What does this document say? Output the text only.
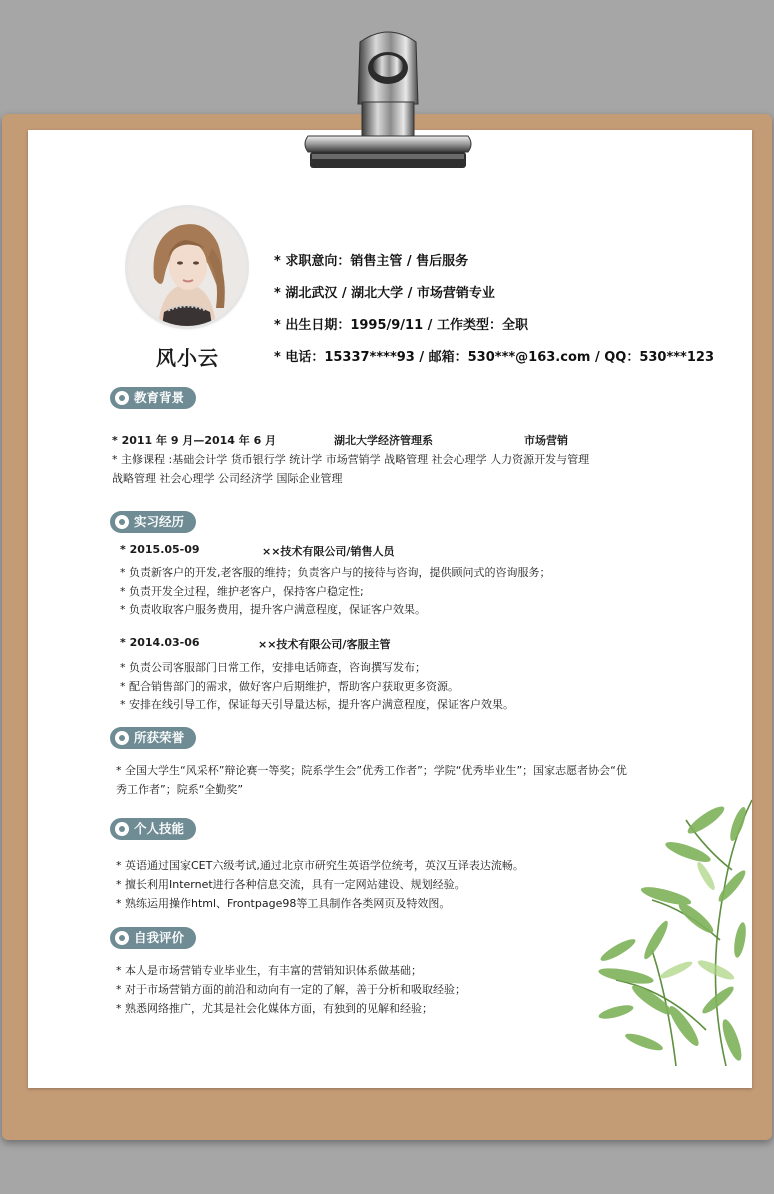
风小云
* 求职意向：销售主管 / 售后服务
* 湖北武汉 / 湖北大学 / 市场营销专业
* 出生日期：1995/9/11 / 工作类型：全职
* 电话：15337****93 / 邮箱：530***@163.com / QQ：530***123
教育背景
* 2011 年 9 月—2014 年 6 月	湖北大学经济管理系	市场营销
* 主修课程 :基础会计学 货币银行学 统计学 市场营销学 战略管理 社会心理学 人力资源开发与管理
战略管理 社会心理学 公司经济学 国际企业管理
实习经历
* 2015.05-09	××技术有限公司/销售人员
* 负责新客户的开发,老客服的维持；负责客户与的接待与咨询，提供顾问式的咨询服务；
* 负责开发全过程，维护老客户，保持客户稳定性;
* 负责收取客户服务费用，提升客户满意程度，保证客户效果。
* 2014.03-06	××技术有限公司/客服主管
* 负责公司客服部门日常工作，安排电话筛查，咨询撰写发布；
* 配合销售部门的需求，做好客户后期维护，帮助客户获取更多资源。
* 安排在线引导工作，保证每天引导量达标，提升客户满意程度，保证客户效果。
所获荣誉
* 全国大学生“风采杯”辩论赛一等奖；院系学生会”优秀工作者”；学院“优秀毕业生”；国家志愿者协会“优
秀工作者”；院系“全勤奖”
个人技能
* 英语通过国家CET六级考试,通过北京市研究生英语学位统考，英汉互译表达流畅。
* 擅长利用Internet进行各种信息交流，具有一定网站建设、规划经验。
* 熟练运用操作html、Frontpage98等工具制作各类网页及特效图。
自我评价
* 本人是市场营销专业毕业生，有丰富的营销知识体系做基础；
* 对于市场营销方面的前沿和动向有一定的了解，善于分析和吸取经验；
* 熟悉网络推广，尤其是社会化媒体方面，有独到的见解和经验；
